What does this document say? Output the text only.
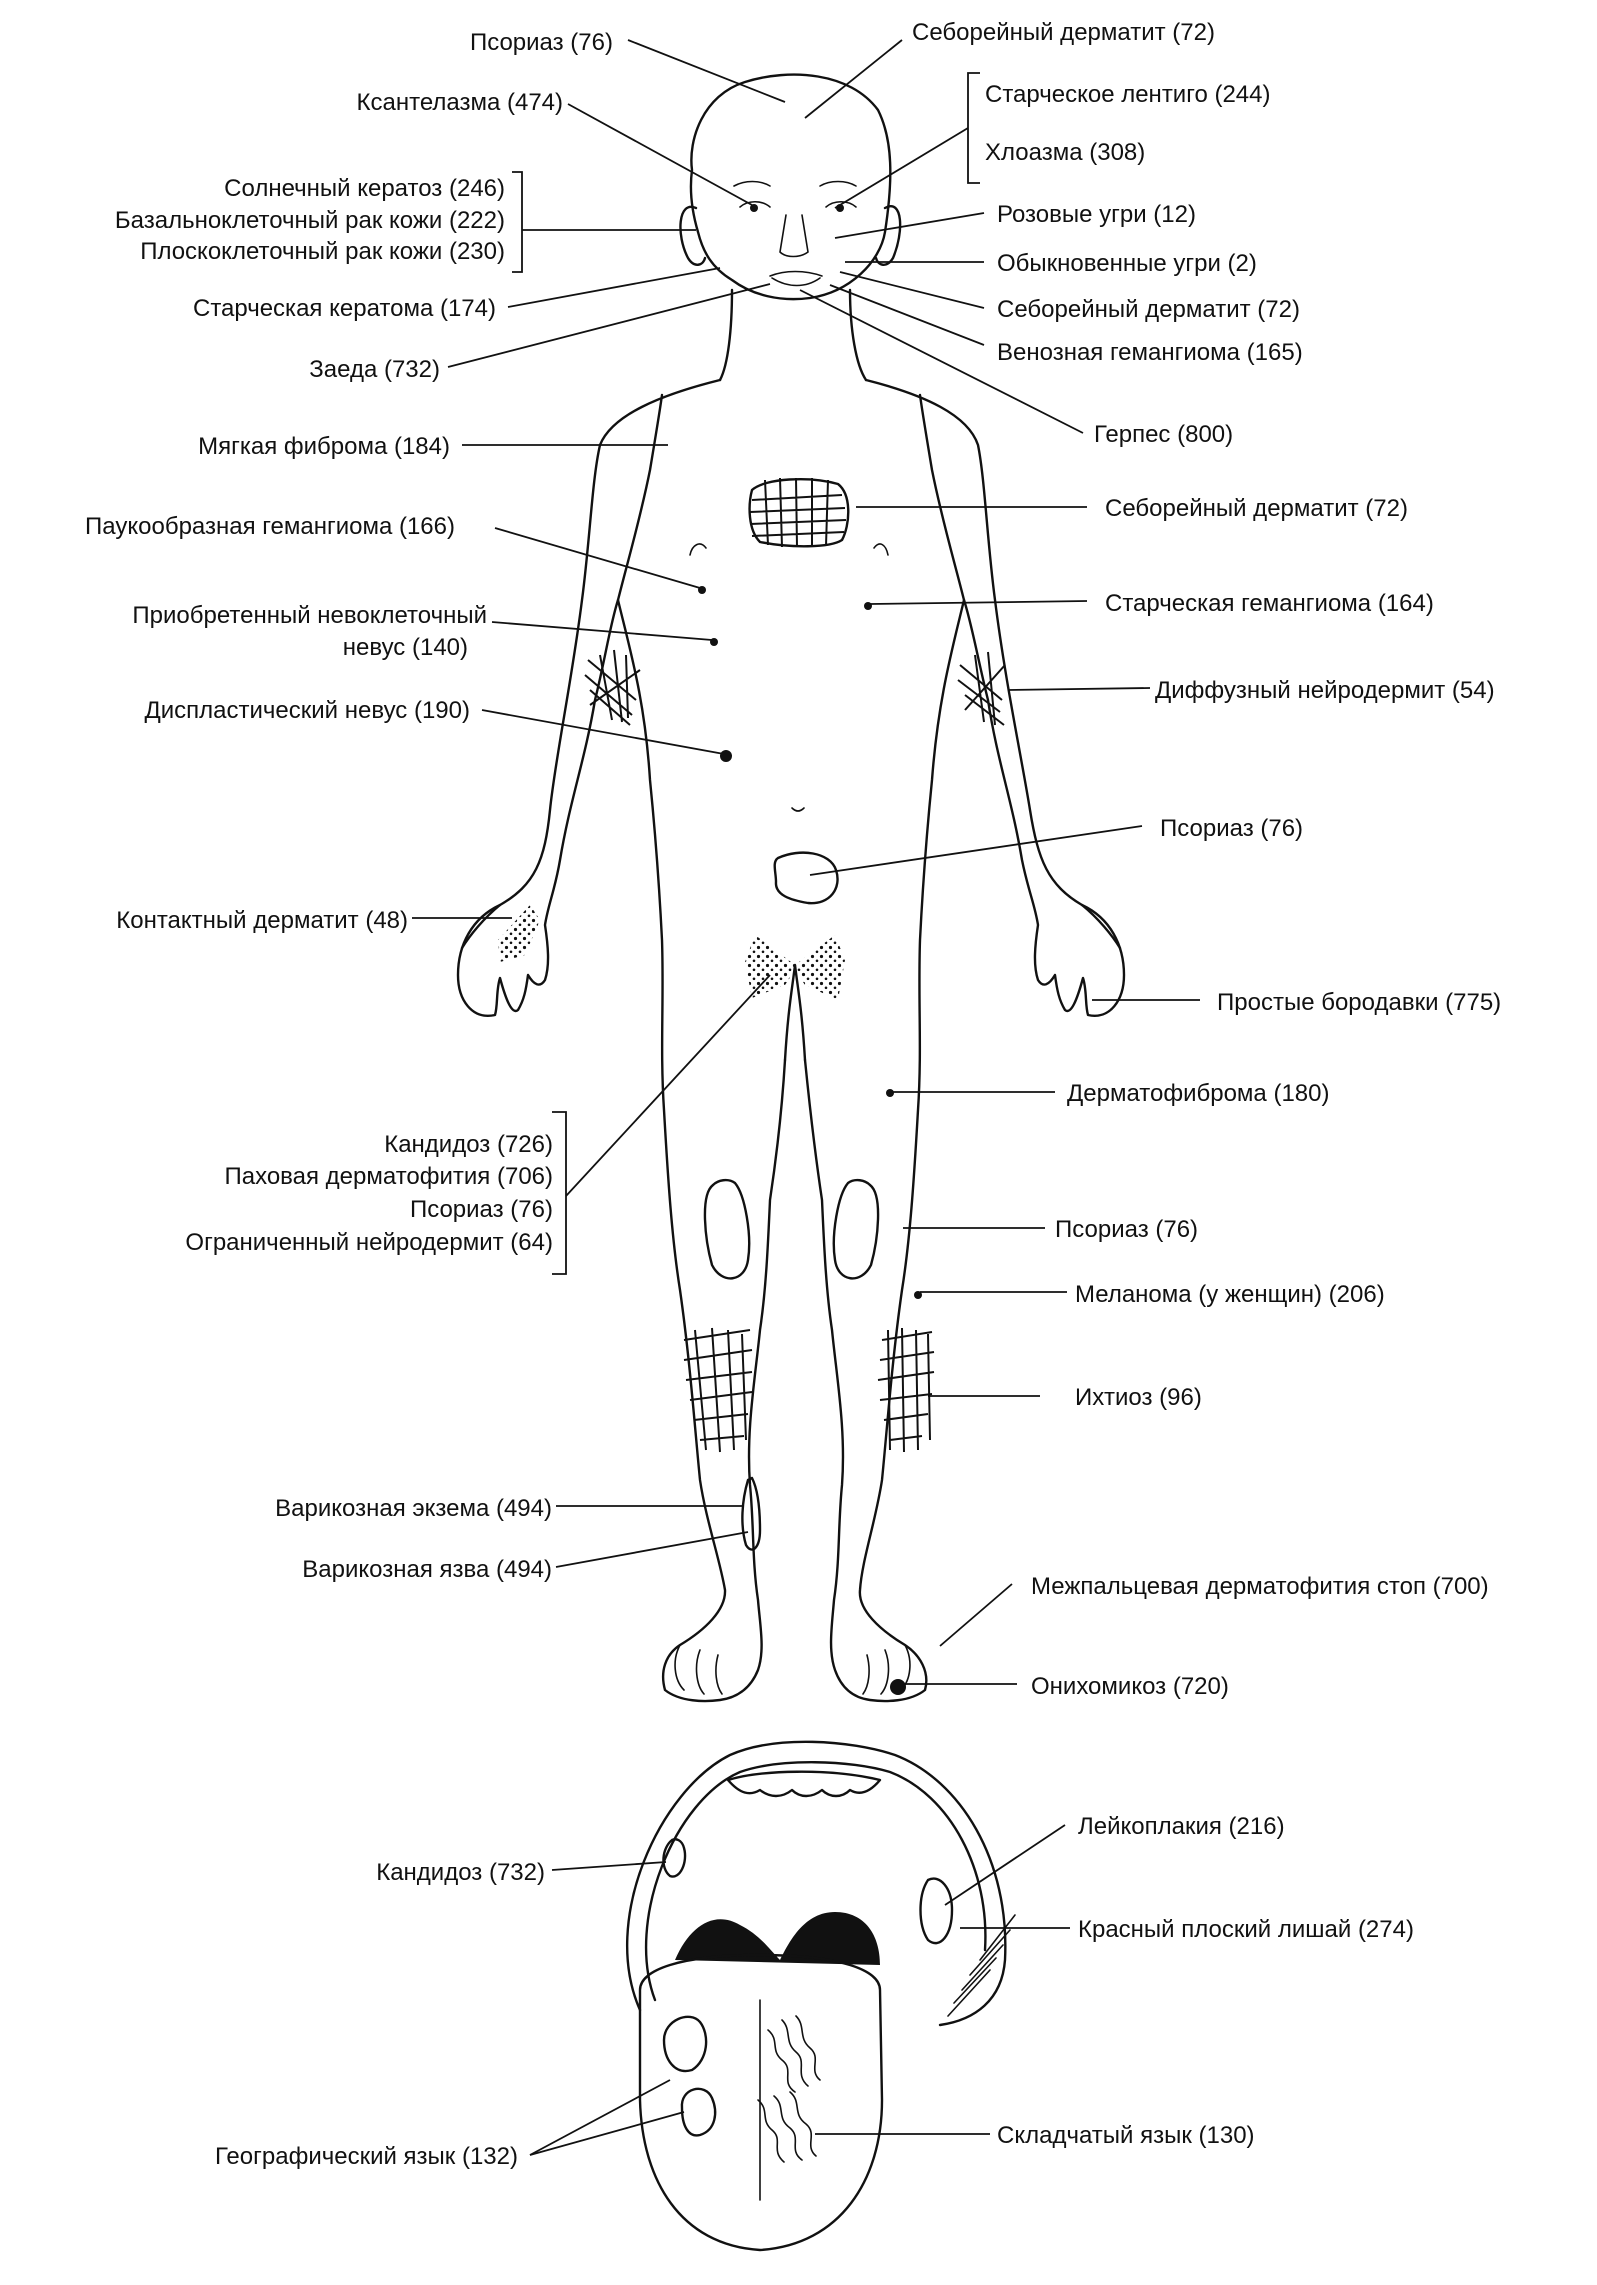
Псориаз (76)	Себорейный дерматит (72)
Ксантелазма (474)	Старческое лентиго (244)
Хлоазма (308)
Солнечный кератоз (246)
Базальноклеточный рак кожи (222)
Плоскоклеточный рак кожи (230)
Розовые угри (12)
Обыкновенные угри (2)
Старческая кератома (174)	Себорейный дерматит (72)
Венозная гемангиома (165)
Заеда (732)
Герпес (800)
Мягкая фиброма (184)
Себорейный дерматит (72)
Паукообразная гемангиома (166)
Старческая гемангиома (164)
Приобретенный невоклеточный
невус (140)
Диффузный нейродермит (54)
Диспластический невус (190)
Псориаз (76)
Контактный дерматит (48)
Простые бородавки (775)
Дерматофиброма (180)
Кандидоз (726)
Паховая дерматофития (706)
Псориаз (76)
Ограниченный нейродермит (64)	Псориаз (76)
Меланома (у женщин) (206)
Ихтиоз (96)
Варикозная экзема (494)
Варикозная язва (494)
Межпальцевая дерматофития стоп (700)
Онихомикоз (720)
Лейкоплакия (216)
Кандидоз (732)
Красный плоский лишай (274)
Географический язык (132)
Складчатый язык (130)
